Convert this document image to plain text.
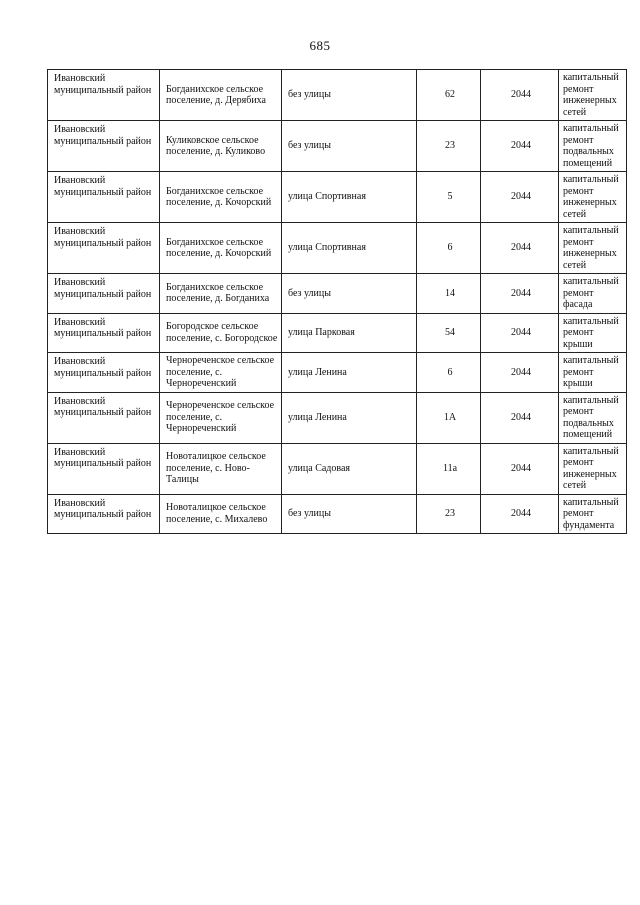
685
Ивановский муниципальный район	Богданихское сельское поселение, д. Дерябиха	без улицы	62	2044	капитальный ремонт инженерных сетей
Ивановский муниципальный район	Куликовское сельское поселение, д. Куликово	без улицы	23	2044	капитальный ремонт подвальных помещений
Ивановский муниципальный район	Богданихское сельское поселение, д. Кочорский	улица Спортивная	5	2044	капитальный ремонт инженерных сетей
Ивановский муниципальный район	Богданихское сельское поселение, д. Кочорский	улица Спортивная	6	2044	капитальный ремонт инженерных сетей
Ивановский муниципальный район	Богданихское сельское поселение, д. Богданиха	без улицы	14	2044	капитальный ремонт фасада
Ивановский муниципальный район	Богородское сельское поселение, с. Богородское	улица Парковая	54	2044	капитальный ремонт крыши
Ивановский муниципальный район	Чернореченское сельское поселение, с. Чернореченский	улица Ленина	6	2044	капитальный ремонт крыши
Ивановский муниципальный район	Чернореченское сельское поселение, с. Чернореченский	улица Ленина	1А	2044	капитальный ремонт подвальных помещений
Ивановский муниципальный район	Новоталицкое сельское поселение, с. Ново-Талицы	улица Садовая	11а	2044	капитальный ремонт инженерных сетей
Ивановский муниципальный район	Новоталицкое сельское поселение, с. Михалево	без улицы	23	2044	капитальный ремонт фундамента
